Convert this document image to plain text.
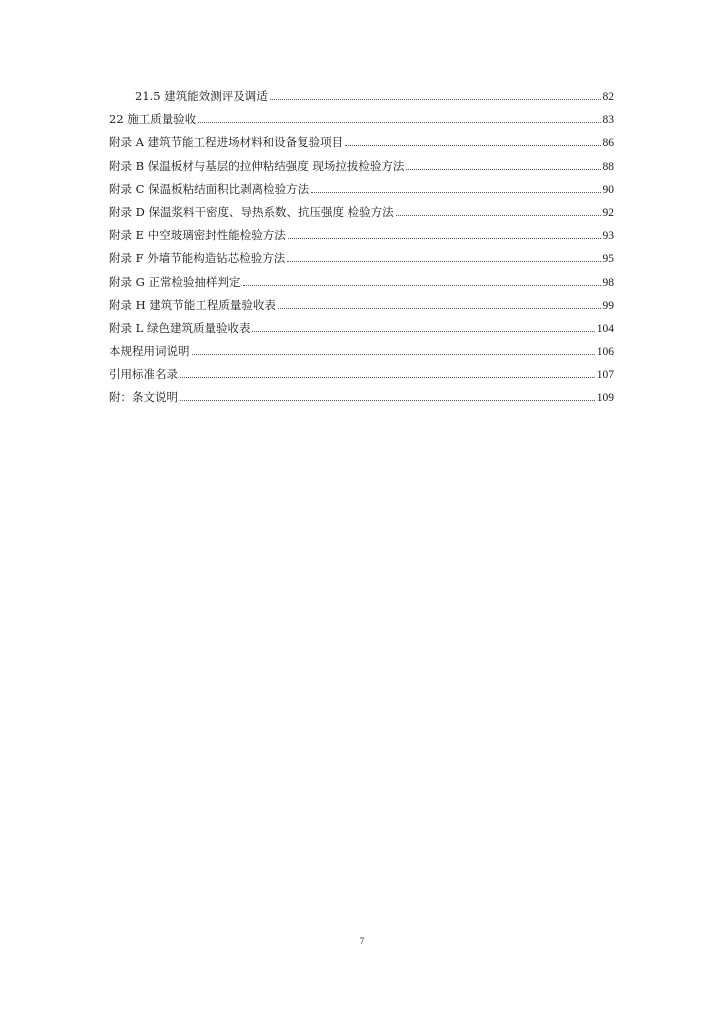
21.5 建筑能效测评及调适	82
22 施工质量验收	83
附录 A 建筑节能工程进场材料和设备复验项目	86
附录 B 保温板材与基层的拉伸粘结强度 现场拉拔检验方法	88
附录 C 保温板粘结面积比剥离检验方法	90
附录 D 保温浆料干密度、导热系数、抗压强度 检验方法	92
附录 E 中空玻璃密封性能检验方法	93
附录 F 外墙节能构造钻芯检验方法	95
附录 G 正常检验抽样判定	98
附录 H 建筑节能工程质量验收表	99
附录 L 绿色建筑质量验收表	104
本规程用词说明	106
引用标准名录	107
附：条文说明	109
7
